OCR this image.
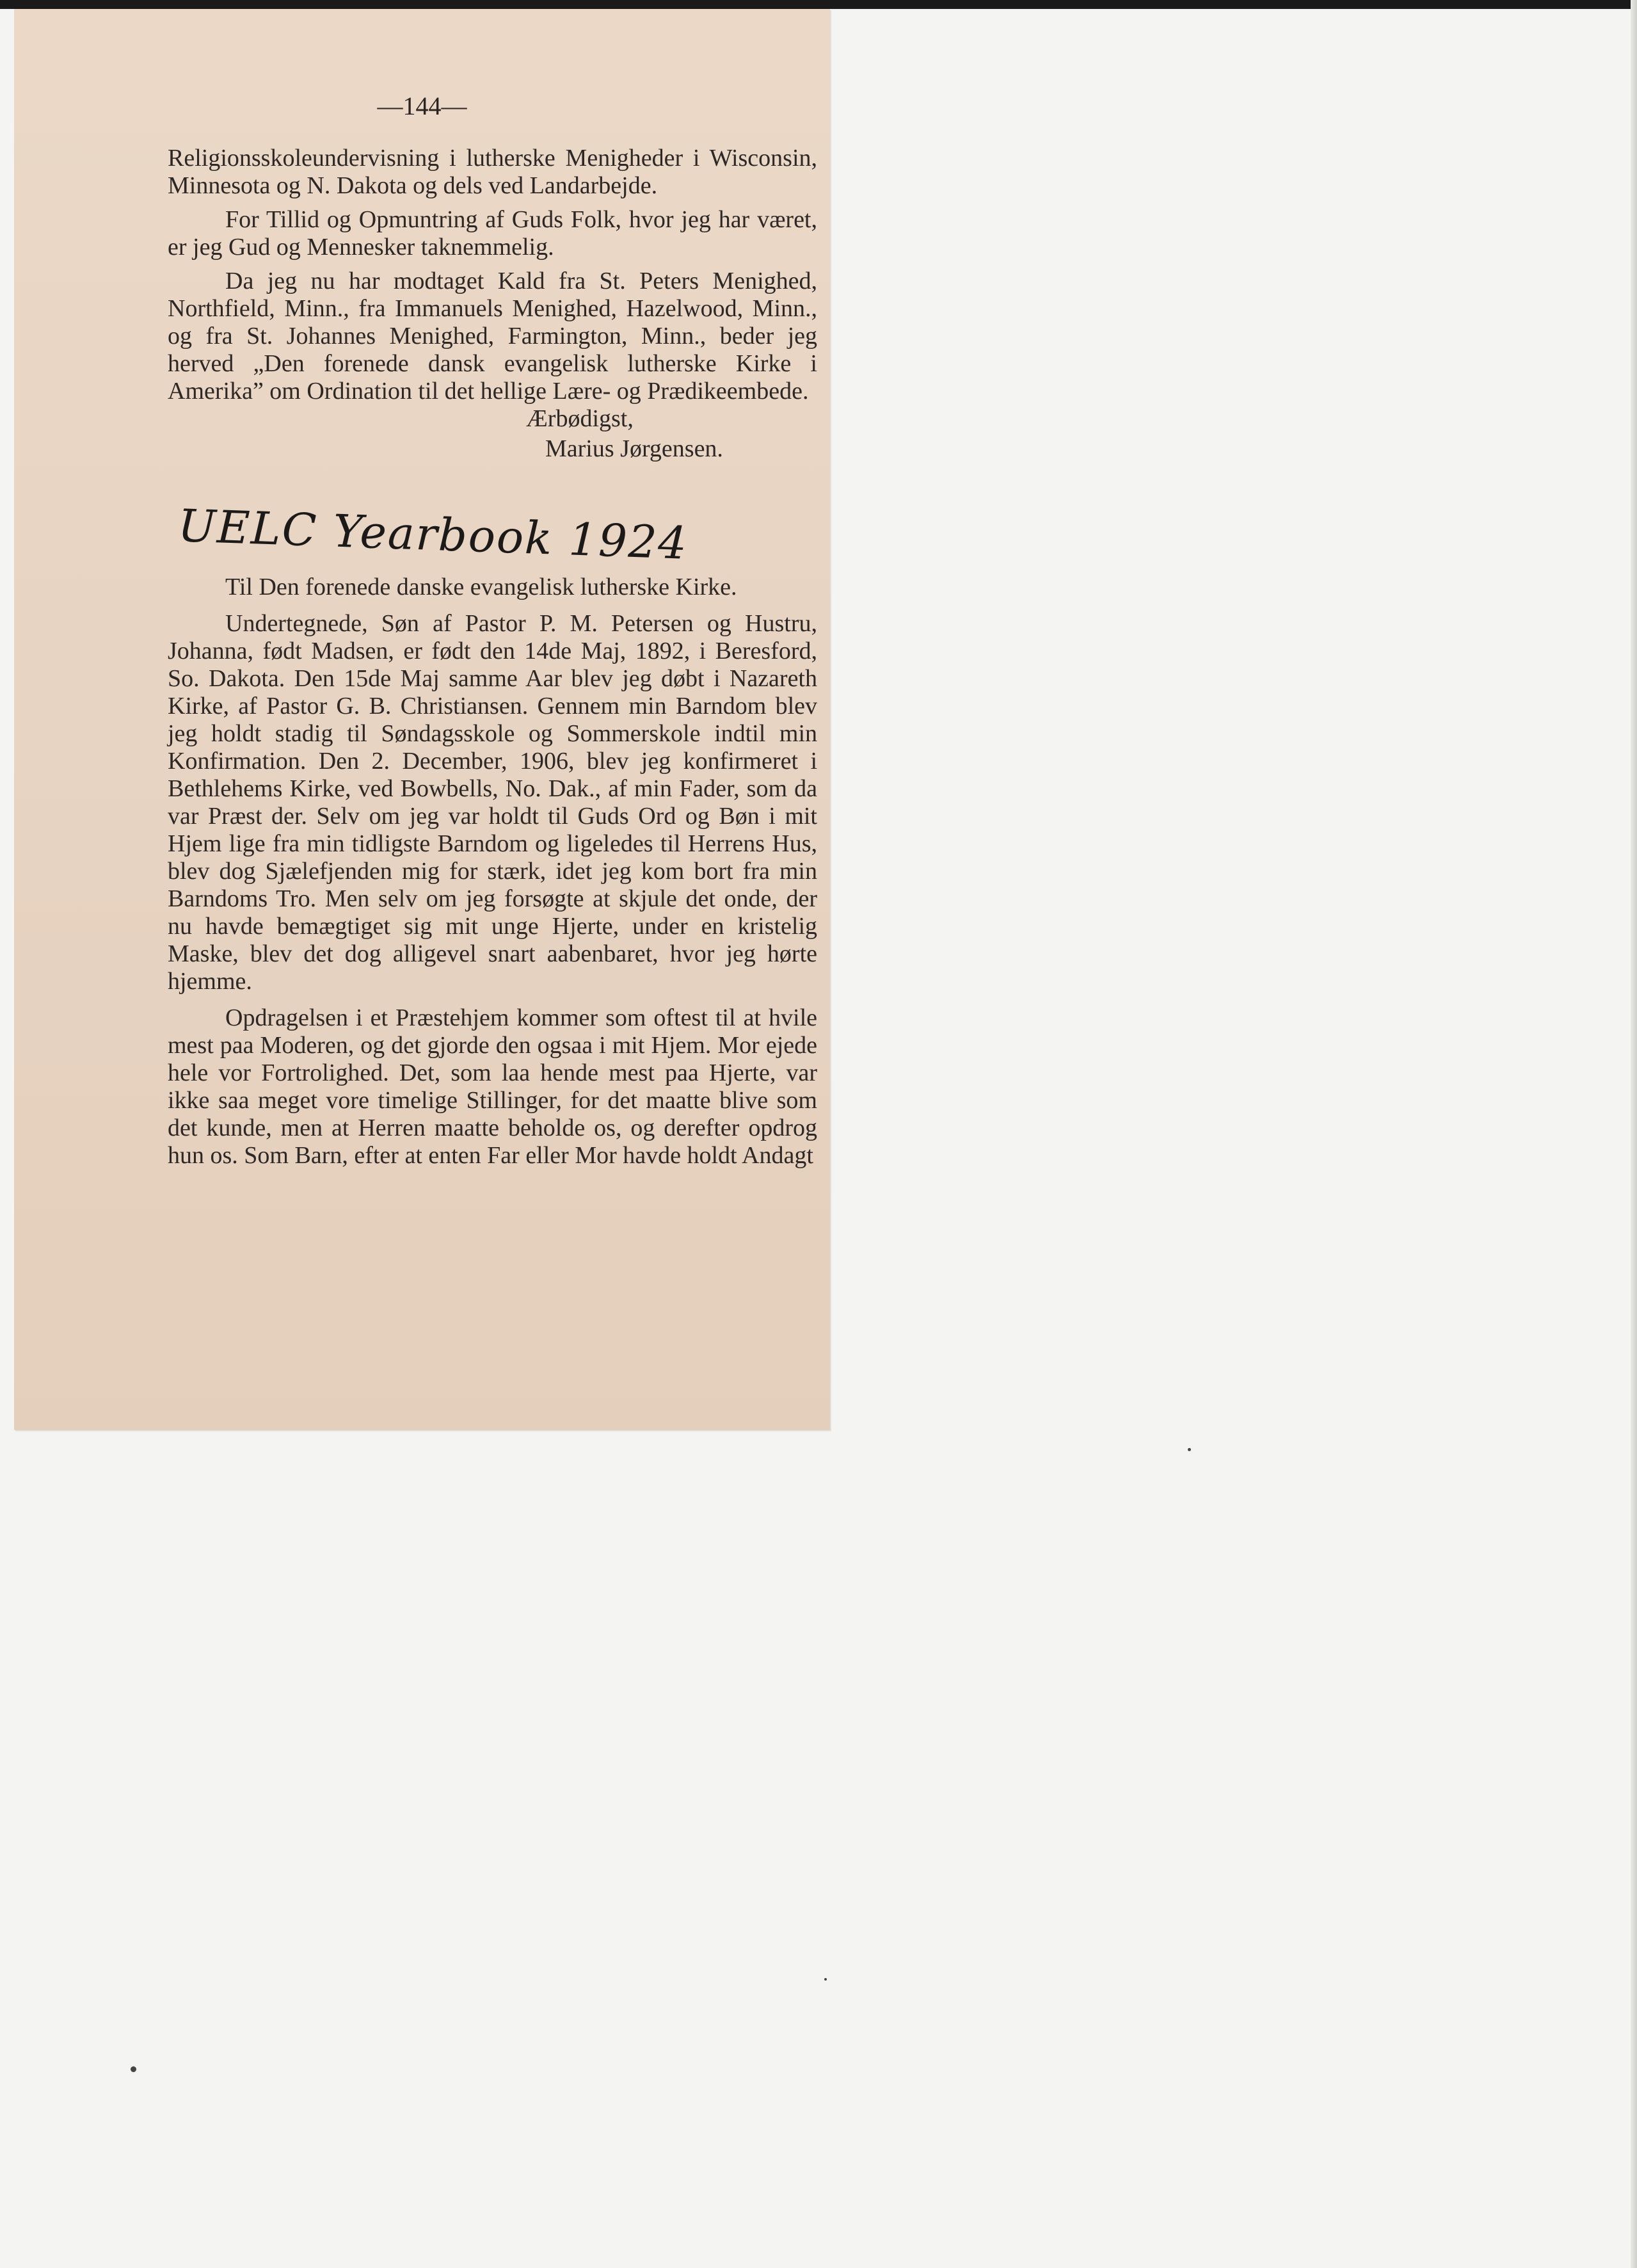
—144—

Religionsskoleundervisning i lutherske Menigheder i Wisconsin, Minnesota og N. Dakota og dels ved Landarbejde.

For Tillid og Opmuntring af Guds Folk, hvor jeg har været, er jeg Gud og Mennesker taknemmelig.

Da jeg nu har modtaget Kald fra St. Peters Menighed, Northfield, Minn., fra Immanuels Menighed, Hazelwood, Minn., og fra St. Johannes Menighed, Farmington, Minn., beder jeg herved „Den forenede dansk evangelisk lutherske Kirke i Amerika” om Ordination til det hellige Lære- og Prædikeembede.

Ærbødigst,

Marius Jørgensen.

UELC Yearbook 1924

Til Den forenede danske evangelisk lutherske Kirke.

Undertegnede, Søn af Pastor P. M. Petersen og Hustru, Johanna, født Madsen, er født den 14de Maj, 1892, i Beresford, So. Dakota. Den 15de Maj samme Aar blev jeg døbt i Nazareth Kirke, af Pastor G. B. Christiansen. Gennem min Barndom blev jeg holdt stadig til Søndagsskole og Sommerskole indtil min Konfirmation. Den 2. December, 1906, blev jeg konfirmeret i Bethlehems Kirke, ved Bowbells, No. Dak., af min Fader, som da var Præst der. Selv om jeg var holdt til Guds Ord og Bøn i mit Hjem lige fra min tidligste Barndom og ligeledes til Herrens Hus, blev dog Sjælefjenden mig for stærk, idet jeg kom bort fra min Barndoms Tro. Men selv om jeg forsøgte at skjule det onde, der nu havde bemægtiget sig mit unge Hjerte, under en kristelig Maske, blev det dog alligevel snart aabenbaret, hvor jeg hørte hjemme.

Opdragelsen i et Præstehjem kommer som oftest til at hvile mest paa Moderen, og det gjorde den ogsaa i mit Hjem. Mor ejede hele vor Fortrolighed. Det, som laa hende mest paa Hjerte, var ikke saa meget vore timelige Stillinger, for det maatte blive som det kunde, men at Herren maatte beholde os, og derefter opdrog hun os. Som Barn, efter at enten Far eller Mor havde holdt Andagt
